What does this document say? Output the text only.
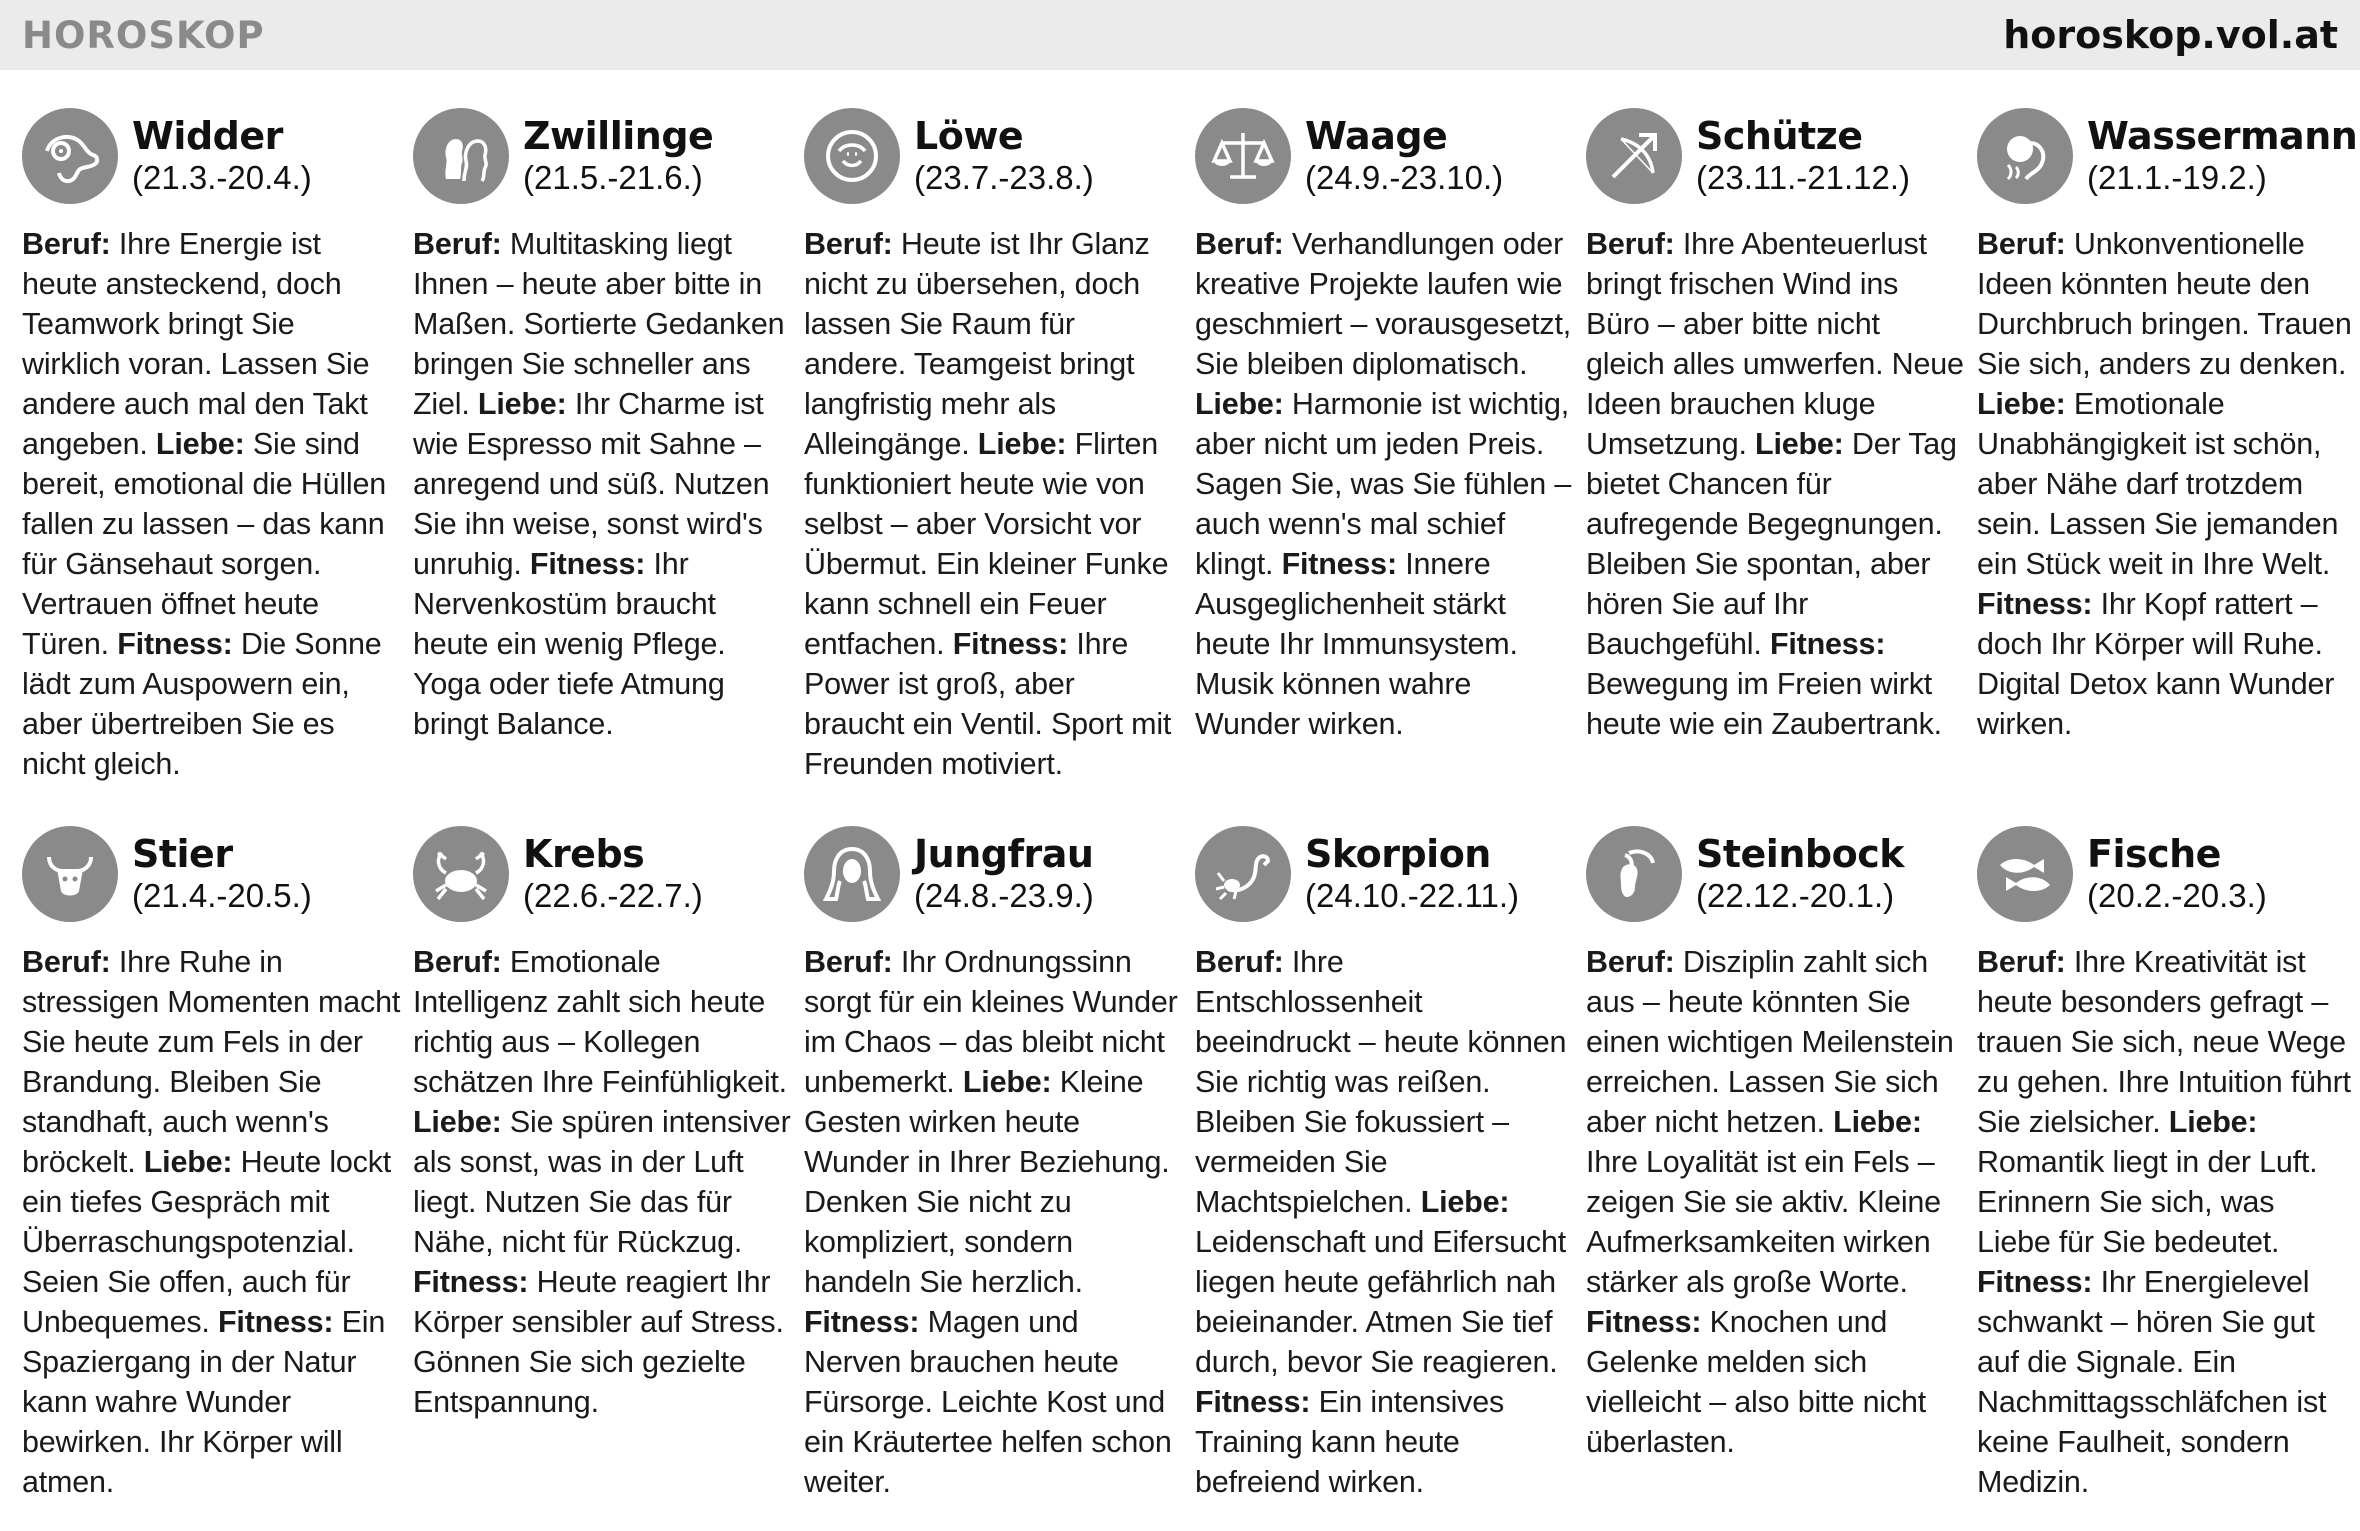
HOROSKOP	horoskop.vol.at
Widder
(21.3.-20.4.)
Beruf: Ihre Energie ist heute ansteckend, doch Teamwork bringt Sie wirklich voran. Lassen Sie andere auch mal den Takt angeben. Liebe: Sie sind bereit, emotional die Hüllen fallen zu lassen – das kann für Gänsehaut sorgen. Vertrauen öffnet heute Türen. Fitness: Die Sonne lädt zum Auspowern ein, aber übertreiben Sie es nicht gleich.
Zwillinge
(21.5.-21.6.)
Beruf: Multitasking liegt Ihnen – heute aber bitte in Maßen. Sortierte Gedanken bringen Sie schneller ans Ziel. Liebe: Ihr Charme ist wie Espresso mit Sahne – anregend und süß. Nutzen Sie ihn weise, sonst wird's unruhig. Fitness: Ihr Nervenkostüm braucht heute ein wenig Pflege. Yoga oder tiefe Atmung bringt Balance.
Löwe
(23.7.-23.8.)
Beruf: Heute ist Ihr Glanz nicht zu übersehen, doch lassen Sie Raum für andere. Teamgeist bringt langfristig mehr als Alleingänge. Liebe: Flirten funktioniert heute wie von selbst – aber Vorsicht vor Übermut. Ein kleiner Funke kann schnell ein Feuer entfachen. Fitness: Ihre Power ist groß, aber braucht ein Ventil. Sport mit Freunden motiviert.
Waage
(24.9.-23.10.)
Beruf: Verhandlungen oder kreative Projekte laufen wie geschmiert – vorausgesetzt, Sie bleiben diplomatisch. Liebe: Harmonie ist wichtig, aber nicht um jeden Preis. Sagen Sie, was Sie fühlen – auch wenn's mal schief klingt. Fitness: Innere Ausgeglichenheit stärkt heute Ihr Immunsystem. Musik können wahre Wunder wirken.
Schütze
(23.11.-21.12.)
Beruf: Ihre Abenteuerlust bringt frischen Wind ins Büro – aber bitte nicht gleich alles umwerfen. Neue Ideen brauchen kluge Umsetzung. Liebe: Der Tag bietet Chancen für aufregende Begegnungen. Bleiben Sie spontan, aber hören Sie auf Ihr Bauchgefühl. Fitness: Bewegung im Freien wirkt heute wie ein Zaubertrank.
Wassermann
(21.1.-19.2.)
Beruf: Unkonventionelle Ideen könnten heute den Durchbruch bringen. Trauen Sie sich, anders zu denken. Liebe: Emotionale Unabhängigkeit ist schön, aber Nähe darf trotzdem sein. Lassen Sie jemanden ein Stück weit in Ihre Welt. Fitness: Ihr Kopf rattert – doch Ihr Körper will Ruhe. Digital Detox kann Wunder wirken.
Stier
(21.4.-20.5.)
Beruf: Ihre Ruhe in stressigen Momenten macht Sie heute zum Fels in der Brandung. Bleiben Sie standhaft, auch wenn's bröckelt. Liebe: Heute lockt ein tiefes Gespräch mit Überraschungspotenzial. Seien Sie offen, auch für Unbequemes. Fitness: Ein Spaziergang in der Natur kann wahre Wunder bewirken. Ihr Körper will atmen.
Krebs
(22.6.-22.7.)
Beruf: Emotionale Intelligenz zahlt sich heute richtig aus – Kollegen schätzen Ihre Feinfühligkeit. Liebe: Sie spüren intensiver als sonst, was in der Luft liegt. Nutzen Sie das für Nähe, nicht für Rückzug. Fitness: Heute reagiert Ihr Körper sensibler auf Stress. Gönnen Sie sich gezielte Entspannung.
Jungfrau
(24.8.-23.9.)
Beruf: Ihr Ordnungssinn sorgt für ein kleines Wunder im Chaos – das bleibt nicht unbemerkt. Liebe: Kleine Gesten wirken heute Wunder in Ihrer Beziehung. Denken Sie nicht zu kompliziert, sondern handeln Sie herzlich. Fitness: Magen und Nerven brauchen heute Fürsorge. Leichte Kost und ein Kräutertee helfen schon weiter.
Skorpion
(24.10.-22.11.)
Beruf: Ihre Entschlossenheit beeindruckt – heute können Sie richtig was reißen. Bleiben Sie fokussiert – vermeiden Sie Machtspielchen. Liebe: Leidenschaft und Eifersucht liegen heute gefährlich nah beieinander. Atmen Sie tief durch, bevor Sie reagieren. Fitness: Ein intensives Training kann heute befreiend wirken.
Steinbock
(22.12.-20.1.)
Beruf: Disziplin zahlt sich aus – heute könnten Sie einen wichtigen Meilenstein erreichen. Lassen Sie sich aber nicht hetzen. Liebe: Ihre Loyalität ist ein Fels – zeigen Sie sie aktiv. Kleine Aufmerksamkeiten wirken stärker als große Worte. Fitness: Knochen und Gelenke melden sich vielleicht – also bitte nicht überlasten.
Fische
(20.2.-20.3.)
Beruf: Ihre Kreativität ist heute besonders gefragt – trauen Sie sich, neue Wege zu gehen. Ihre Intuition führt Sie zielsicher. Liebe: Romantik liegt in der Luft. Erinnern Sie sich, was Liebe für Sie bedeutet. Fitness: Ihr Energielevel schwankt – hören Sie gut auf die Signale. Ein Nachmittagsschläfchen ist keine Faulheit, sondern Medizin.
